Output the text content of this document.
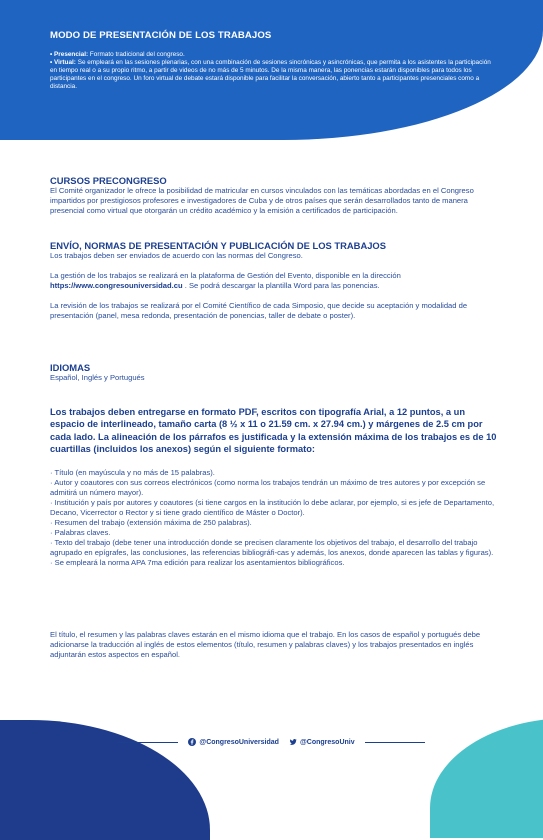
MODO DE PRESENTACIÓN DE LOS TRABAJOS

• Presencial: Formato tradicional del congreso.

• Virtual: Se empleará en las sesiones plenarias, con una combinación de sesiones sincrónicas y asincrónicas, que permita a los asistentes la participación en tiempo real o a su propio ritmo, a partir de videos de no más de 5 minutos. De la misma manera, las ponencias estarán disponibles para todos los participantes en el congreso. Un foro virtual de debate estará disponible para facilitar la conversación, abierto tanto a participantes presenciales como a distancia.

CURSOS PRECONGRESO

El Comité organizador le ofrece la posibilidad de matricular en cursos vinculados con las temáticas abordadas en el Congreso impartidos por prestigiosos profesores e investigadores de Cuba y de otros países que serán desarrollados tanto de manera presencial como virtual que otorgarán un crédito académico y la emisión a certificados de participación.

ENVÍO, NORMAS DE PRESENTACIÓN Y PUBLICACIÓN DE LOS TRABAJOS

Los trabajos deben ser enviados de acuerdo con las normas del Congreso.

La gestión de los trabajos se realizará en la plataforma de Gestión del Evento, disponible en la dirección https://www.congresouniversidad.cu . Se podrá descargar la plantilla Word para las ponencias.

La revisión de los trabajos se realizará por el Comité Científico de cada Simposio, que decide su aceptación y modalidad de presentación (panel, mesa redonda, presentación de ponencias, taller de debate o poster).

IDIOMAS

Español, Inglés y Portugués

Los trabajos deben entregarse en formato PDF, escritos con tipografía Arial, a 12 puntos, a un espacio de interlineado, tamaño carta (8 ½ x 11 o 21.59 cm. x 27.94 cm.) y márgenes de 2.5 cm por cada lado. La alineación de los párrafos es justificada y la extensión máxima de los trabajos es de 10 cuartillas (incluidos los anexos) según el siguiente formato:

· Título (en mayúscula y no más de 15 palabras).
· Autor y coautores con sus correos electrónicos (como norma los trabajos tendrán un máximo de tres autores y por excepción se admitirá un número mayor).
· Institución y país por autores y coautores (si tiene cargos en la institución lo debe aclarar, por ejemplo, si es jefe de Departamento, Decano, Vicerrector o Rector y si tiene grado científico de Máster o Doctor).
· Resumen del trabajo (extensión máxima de 250 palabras).
· Palabras claves.
· Texto del trabajo (debe tener una introducción donde se precisen claramente los objetivos del trabajo, el desarrollo del trabajo agrupado en epígrafes, las conclusiones, las referencias bibliográfi-cas y además, los anexos, donde aparecen las tablas y figuras).
· Se empleará la norma APA 7ma edición para realizar los asentamientos bibliográficos.

El título, el resumen y las palabras claves estarán en el mismo idioma que el trabajo. En los casos de español y portugués debe adicionarse la traducción al inglés de estos elementos (título, resumen y palabras claves) y los trabajos presentados en inglés adjuntarán estos aspectos en español.

@CongresoUniversidad	@CongresoUniv
